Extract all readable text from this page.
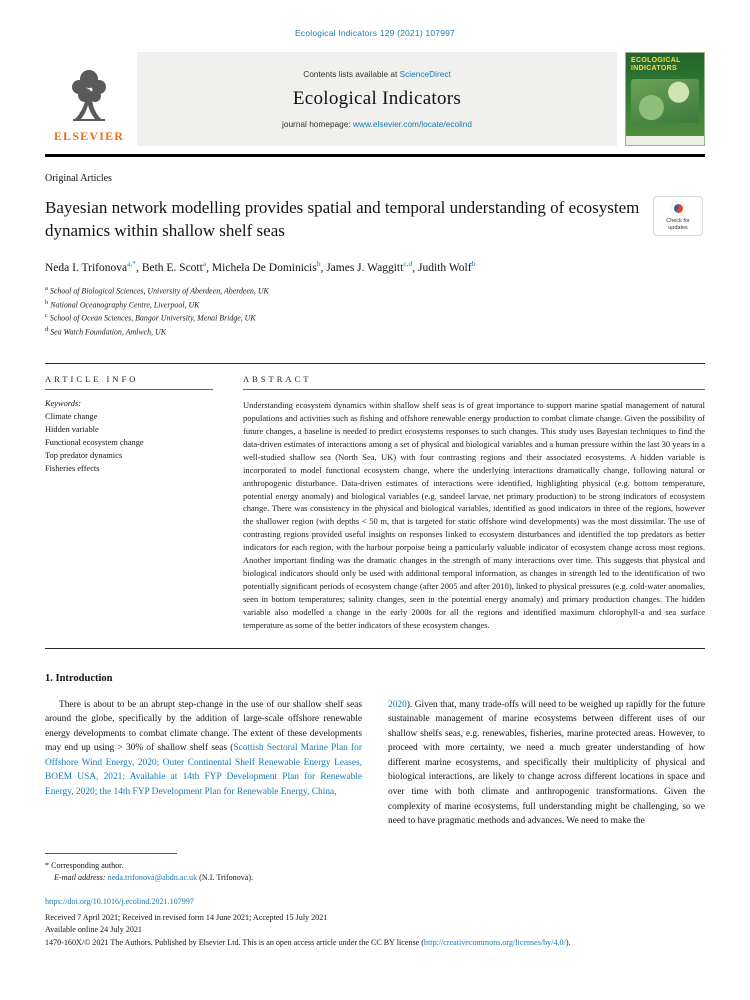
Ecological Indicators 129 (2021) 107997
ELSEVIER
Contents lists available at ScienceDirect
Ecological Indicators
journal homepage: www.elsevier.com/locate/ecolind
ECOLOGICAL
INDICATORS
Original Articles
Bayesian network modelling provides spatial and temporal understanding of ecosystem dynamics within shallow shelf seas
Check for
updates
Neda I. Trifonova$^{a,*}$, Beth E. Scott$^a$, Michela De Dominicis$^b$, James J. Waggitt$^{c,d}$, Judith Wolf$^b$
$^a$ School of Biological Sciences, University of Aberdeen, Aberdeen, UK
$^b$ National Oceanography Centre, Liverpool, UK
$^c$ School of Ocean Sciences, Bangor University, Menai Bridge, UK
$^d$ Sea Watch Foundation, Amlwch, UK
ARTICLE INFO
Keywords:
Climate change
Hidden variable
Functional ecosystem change
Top predator dynamics
Fisheries effects
ABSTRACT
Understanding ecosystem dynamics within shallow shelf seas is of great importance to support marine spatial management of natural populations and activities such as fishing and offshore renewable energy production to combat climate change. Given the possibility of future changes, a baseline is needed to predict ecosystems responses to such changes. This study uses Bayesian techniques to find the data-driven estimates of interactions among a set of physical and biological variables and a human pressure within the last 30 years in a well-studied shallow sea (North Sea, UK) with four contrasting regions and their associated ecosystems. A hidden variable is incorporated to model functional ecosystem change, where the underlying interactions dramatically change, following natural or anthropogenic disturbance. Data-driven estimates of interactions were identified, highlighting physical (e.g. bottom temperature, potential energy anomaly) and biological variables (e.g. sandeel larvae, net primary production) to be strong indicators of ecosystem change. There was consistency in the physical and biological variables, identified as good indicators in three of the regions, however the shallower region (with depths < 50 m, that is targeted for static offshore wind developments) was the most dissimilar. The use of contrasting regions provided useful insights on responses linked to ecosystem disturbances and identified the top predators as better indicators for each region, with the harbour porpoise being a particularly valuable indicator of ecosystem change across most regions. Another important finding was the dramatic changes in the strength of many interactions over time. This suggests that physical and biological indicators should only be used with additional temporal information, as changes in strength led to the identification of two potentially significant periods of ecosystem change (after 2005 and after 2010), linked to physical pressures (e.g. cold-water anomalies, seen in bottom temperatures; salinity changes, seen in the potential energy anomaly) and primary production changes. The hidden variable also modelled a change in the early 2000s for all the regions and identified maximum chlorophyll-a and sea surface temperature as some of the better indicators of these ecosystem changes.
1. Introduction

There is about to be an abrupt step-change in the use of our shallow shelf seas around the globe, specifically by the addition of large-scale offshore renewable energy developments to combat climate change. The extent of these developments may end up using > 30% of shallow shelf seas (Scottish Sectoral Marine Plan for Offshore Wind Energy, 2020; Outer Continental Shelf Renewable Energy Leases, BOEM USA, 2021; Available at 14th FYP Development Plan for Renewable Energy, 2020; the 14th FYP Development Plan for Renewable Energy, China,

2020). Given that, many trade-offs will need to be weighed up rapidly for the future sustainable management of marine ecosystems between different uses of our shallow shelfs seas, e.g. renewables, fisheries, marine protected areas. However, to proceed with more certainty, we need a much greater understanding of how different marine ecosystems, and specifically their multiplicity of physical and biological interactions, are likely to change across different locations in space and over time with both climate and anthropogenic transformations. Given the complexity of marine ecosystems, full understanding might be challenging, so we need to have pragmatic methods and advances. We need to make the

* Corresponding author.
E-mail address: neda.trifonova@abdn.ac.uk (N.I. Trifonova).
https://doi.org/10.1016/j.ecolind.2021.107997
Received 7 April 2021; Received in revised form 14 June 2021; Accepted 15 July 2021
Available online 24 July 2021
1470-160X/© 2021 The Authors. Published by Elsevier Ltd. This is an open access article under the CC BY license (http://creativecommons.org/licenses/by/4.0/).
